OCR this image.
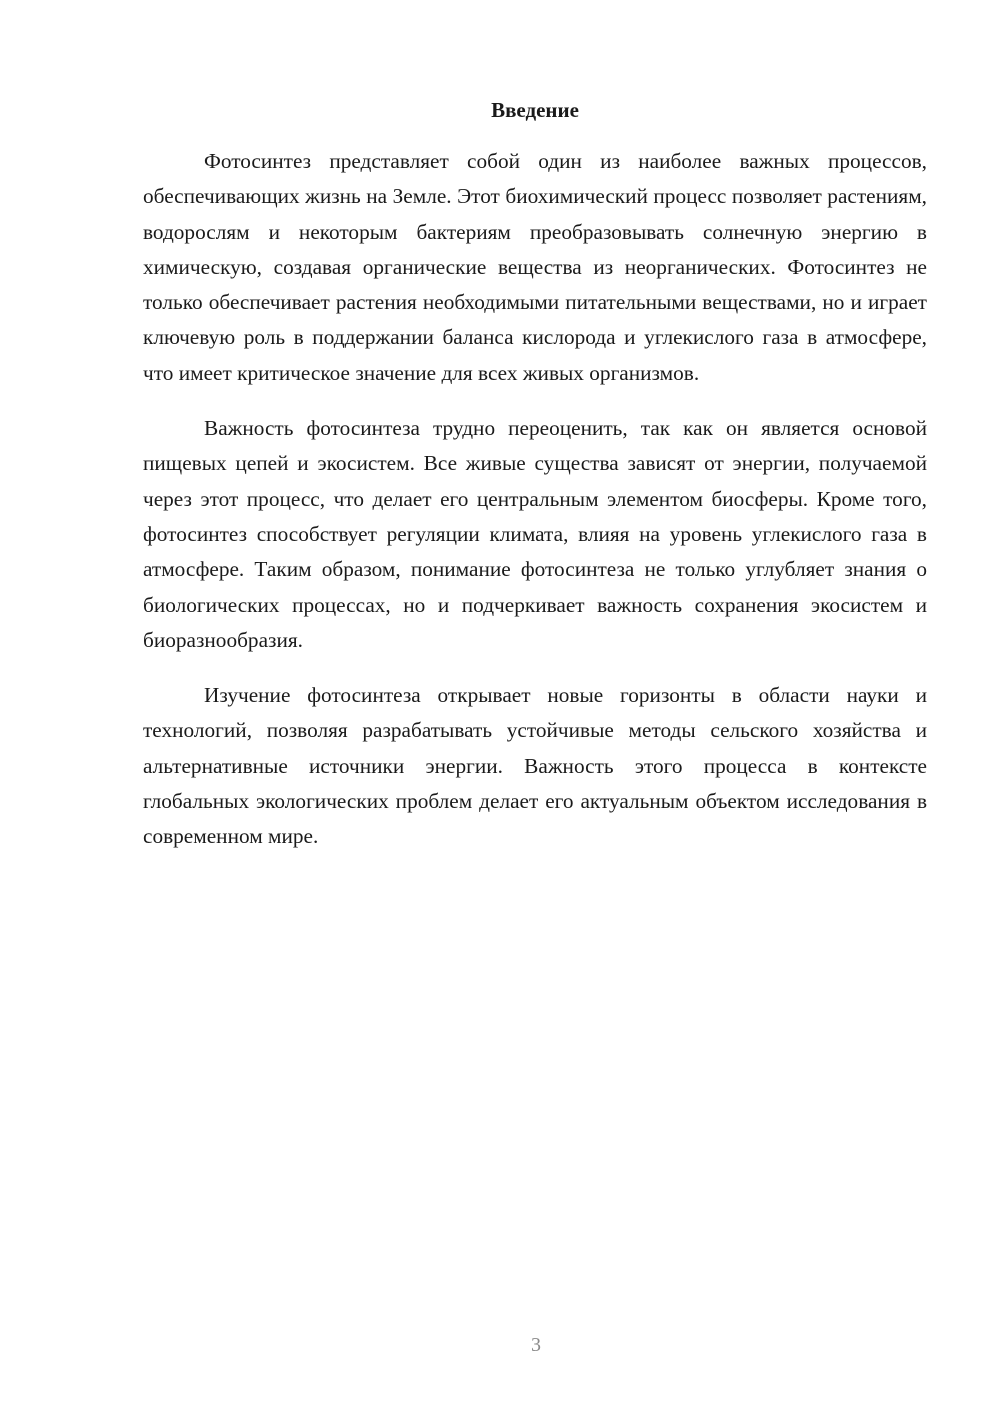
Введение

Фотосинтез представляет собой один из наиболее важных процессов, обеспечивающих жизнь на Земле. Этот биохимический процесс позволяет растениям, водорослям и некоторым бактериям преобразовывать солнечную энергию в химическую, создавая органические вещества из неорганических. Фотосинтез не только обеспечивает растения необходимыми питательными веществами, но и играет ключевую роль в поддержании баланса кислорода и углекислого газа в атмосфере, что имеет критическое значение для всех живых организмов.

Важность фотосинтеза трудно переоценить, так как он является основой пищевых цепей и экосистем. Все живые существа зависят от энергии, получаемой через этот процесс, что делает его центральным элементом биосферы. Кроме того, фотосинтез способствует регуляции климата, влияя на уровень углекислого газа в атмосфере. Таким образом, понимание фотосинтеза не только углубляет знания о биологических процессах, но и подчеркивает важность сохранения экосистем и биоразнообразия.

Изучение фотосинтеза открывает новые горизонты в области науки и технологий, позволяя разрабатывать устойчивые методы сельского хозяйства и альтернативные источники энергии. Важность этого процесса в контексте глобальных экологических проблем делает его актуальным объектом исследования в современном мире.

3
